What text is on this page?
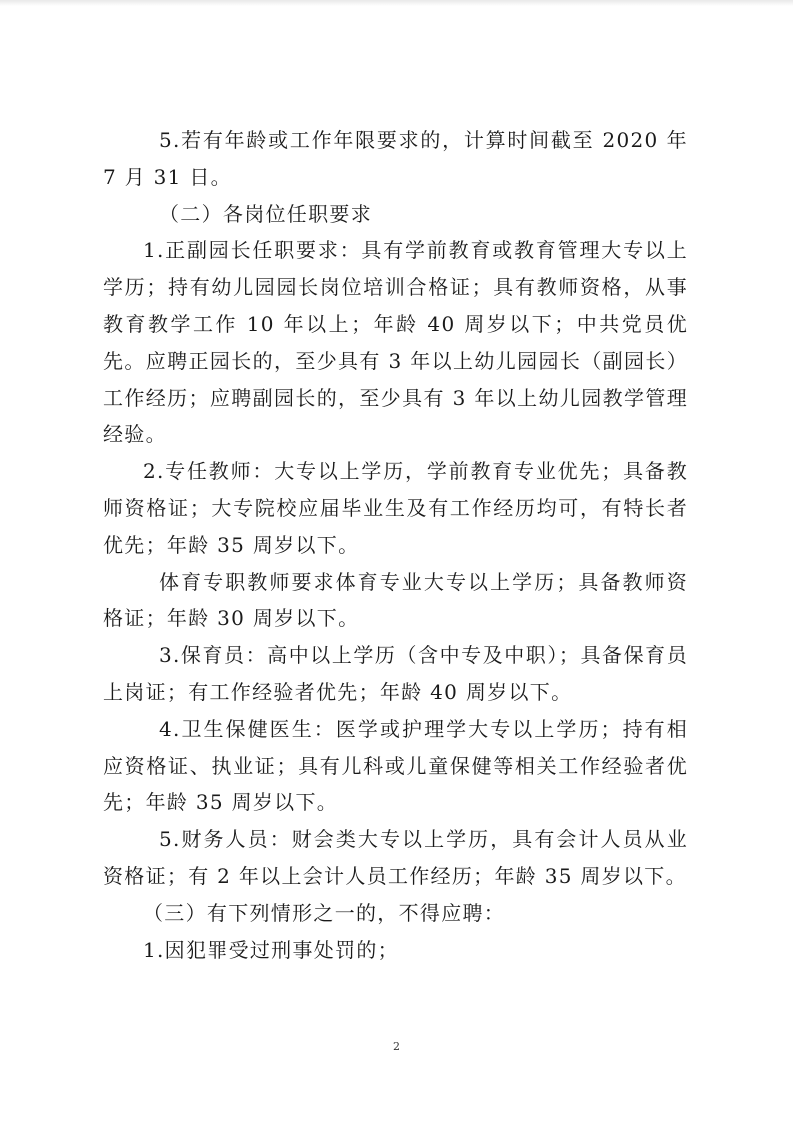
5.若有年龄或工作年限要求的，计算时间截至 2020 年 7 月 31 日。

（二）各岗位任职要求

1.正副园长任职要求：具有学前教育或教育管理大专以上学历；持有幼儿园园长岗位培训合格证；具有教师资格，从事教育教学工作 10 年以上；年龄 40 周岁以下；中共党员优先。应聘正园长的，至少具有 3 年以上幼儿园园长（副园长）工作经历；应聘副园长的，至少具有 3 年以上幼儿园教学管理经验。

2.专任教师：大专以上学历，学前教育专业优先；具备教师资格证；大专院校应届毕业生及有工作经历均可，有特长者优先；年龄 35 周岁以下。

体育专职教师要求体育专业大专以上学历；具备教师资格证；年龄 30 周岁以下。

3.保育员：高中以上学历（含中专及中职）；具备保育员上岗证；有工作经验者优先；年龄 40 周岁以下。

4.卫生保健医生：医学或护理学大专以上学历；持有相应资格证、执业证；具有儿科或儿童保健等相关工作经验者优先；年龄 35 周岁以下。

5.财务人员：财会类大专以上学历，具有会计人员从业资格证；有 2 年以上会计人员工作经历；年龄 35 周岁以下。

（三）有下列情形之一的，不得应聘：

1.因犯罪受过刑事处罚的；

2
